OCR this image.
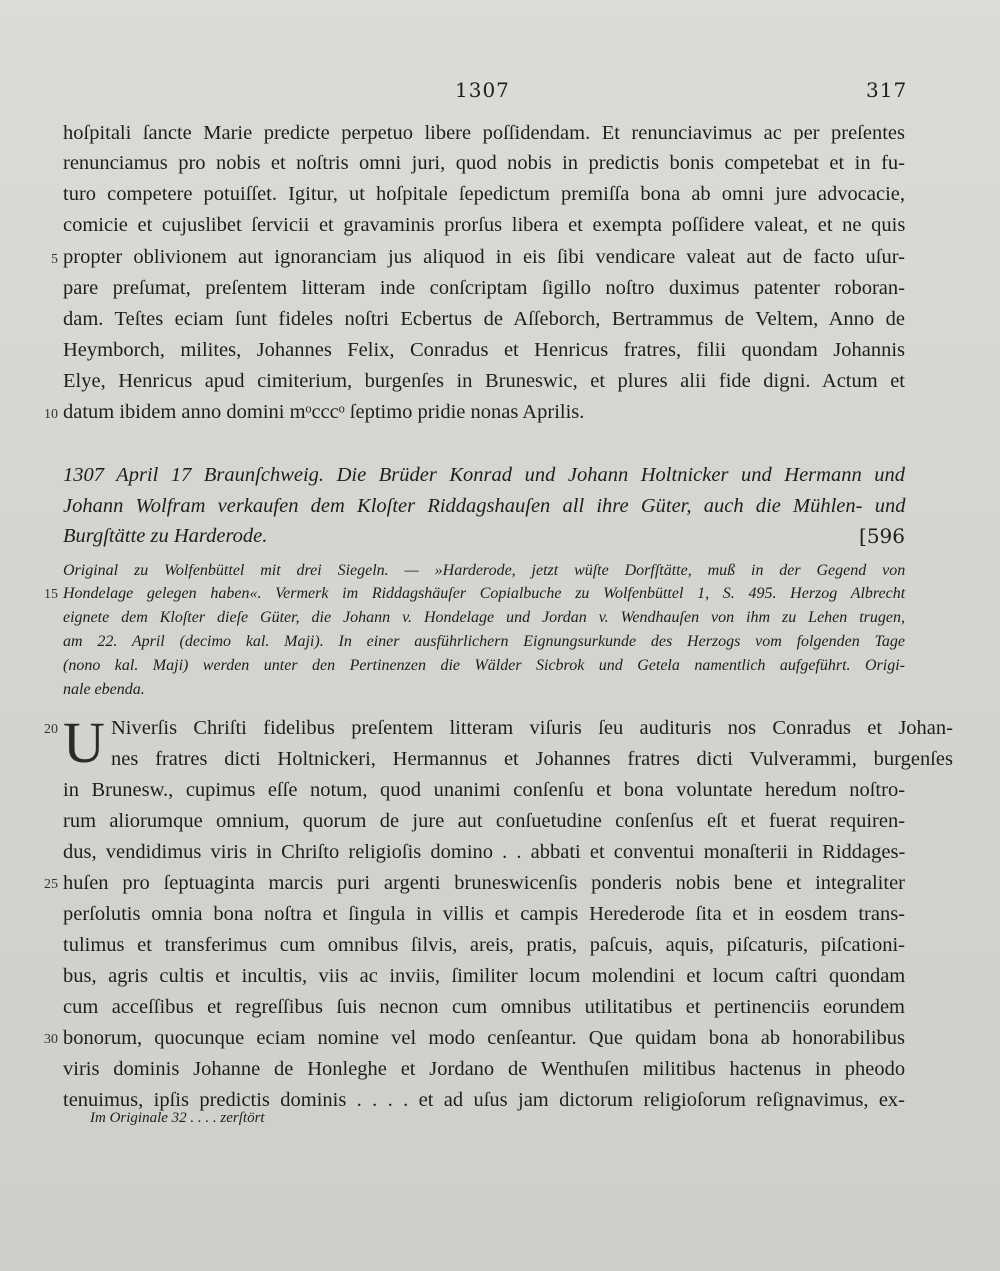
1307	317
hoſpitali ſancte Marie predicte perpetuo libere poſſidendam. Et renunciavimus ac per preſentes
renunciamus pro nobis et noſtris omni juri, quod nobis in predictis bonis competebat et in fu-
turo competere potuiſſet. Igitur, ut hoſpitale ſepedictum premiſſa bona ab omni jure advocacie,
comicie et cujuslibet ſervicii et gravaminis prorſus libera et exempta poſſidere valeat, et ne quis
propter oblivionem aut ignoranciam jus aliquod in eis ſibi vendicare valeat aut de facto uſur-
pare preſumat, preſentem litteram inde conſcriptam ſigillo noſtro duximus patenter roboran-
dam. Teſtes eciam ſunt fideles noſtri Ecbertus de Aſſeborch, Bertrammus de Veltem, Anno de
Heymborch, milites, Johannes Felix, Conradus et Henricus fratres, filii quondam Johannis
Elye, Henricus apud cimiterium, burgenſes in Bruneswic, et plures alii fide digni. Actum et
datum ibidem anno domini mᵒcccᵒ ſeptimo pridie nonas Aprilis.
5
10
1307 April 17 Braunſchweig. Die Brüder Konrad und Johann Holtnicker und Hermann und
Johann Wolfram verkaufen dem Kloſter Riddagshauſen all ihre Güter, auch die Mühlen- und
Burgſtätte zu Harderode.	[596
Original zu Wolfenbüttel mit drei Siegeln. — »Harderode, jetzt wüſte Dorfſtätte, muß in der Gegend von
Hondelage gelegen haben«. Vermerk im Riddagshäuſer Copialbuche zu Wolfenbüttel 1, S. 495. Herzog Albrecht
eignete dem Kloſter dieſe Güter, die Johann v. Hondelage und Jordan v. Wendhauſen von ihm zu Lehen trugen,
am 22. April (decimo kal. Maji). In einer ausführlichern Eignungsurkunde des Herzogs vom folgenden Tage
(nono kal. Maji) werden unter den Pertinenzen die Wälder Sicbrok und Getela namentlich aufgeführt. Origi-
nale ebenda.
15
U Niverſis Chriſti fidelibus preſentem litteram viſuris ſeu audituris nos Conradus et Johan-
nes fratres dicti Holtnickeri, Hermannus et Johannes fratres dicti Vulverammi, burgenſes
in Brunesw., cupimus eſſe notum, quod unanimi conſenſu et bona voluntate heredum noſtro-
rum aliorumque omnium, quorum de jure aut conſuetudine conſenſus eſt et fuerat requiren-
dus, vendidimus viris in Chriſto religioſis domino . . abbati et conventui monaſterii in Riddages-
huſen pro ſeptuaginta marcis puri argenti bruneswicenſis ponderis nobis bene et integraliter
perſolutis omnia bona noſtra et ſingula in villis et campis Herederode ſita et in eosdem trans-
tulimus et transferimus cum omnibus ſilvis, areis, pratis, paſcuis, aquis, piſcaturis, piſcationi-
bus, agris cultis et incultis, viis ac inviis, ſimiliter locum molendini et locum caſtri quondam
cum acceſſibus et regreſſibus ſuis necnon cum omnibus utilitatibus et pertinenciis eorundem
bonorum, quocunque eciam nomine vel modo cenſeantur. Que quidam bona ab honorabilibus
viris dominis Johanne de Honleghe et Jordano de Wenthuſen militibus hactenus in pheodo
tenuimus, ipſis predictis dominis . . . . et ad uſus jam dictorum religioſorum reſignavimus, ex-
20
25
30
Im Originale 32 . . . . zerſtört
